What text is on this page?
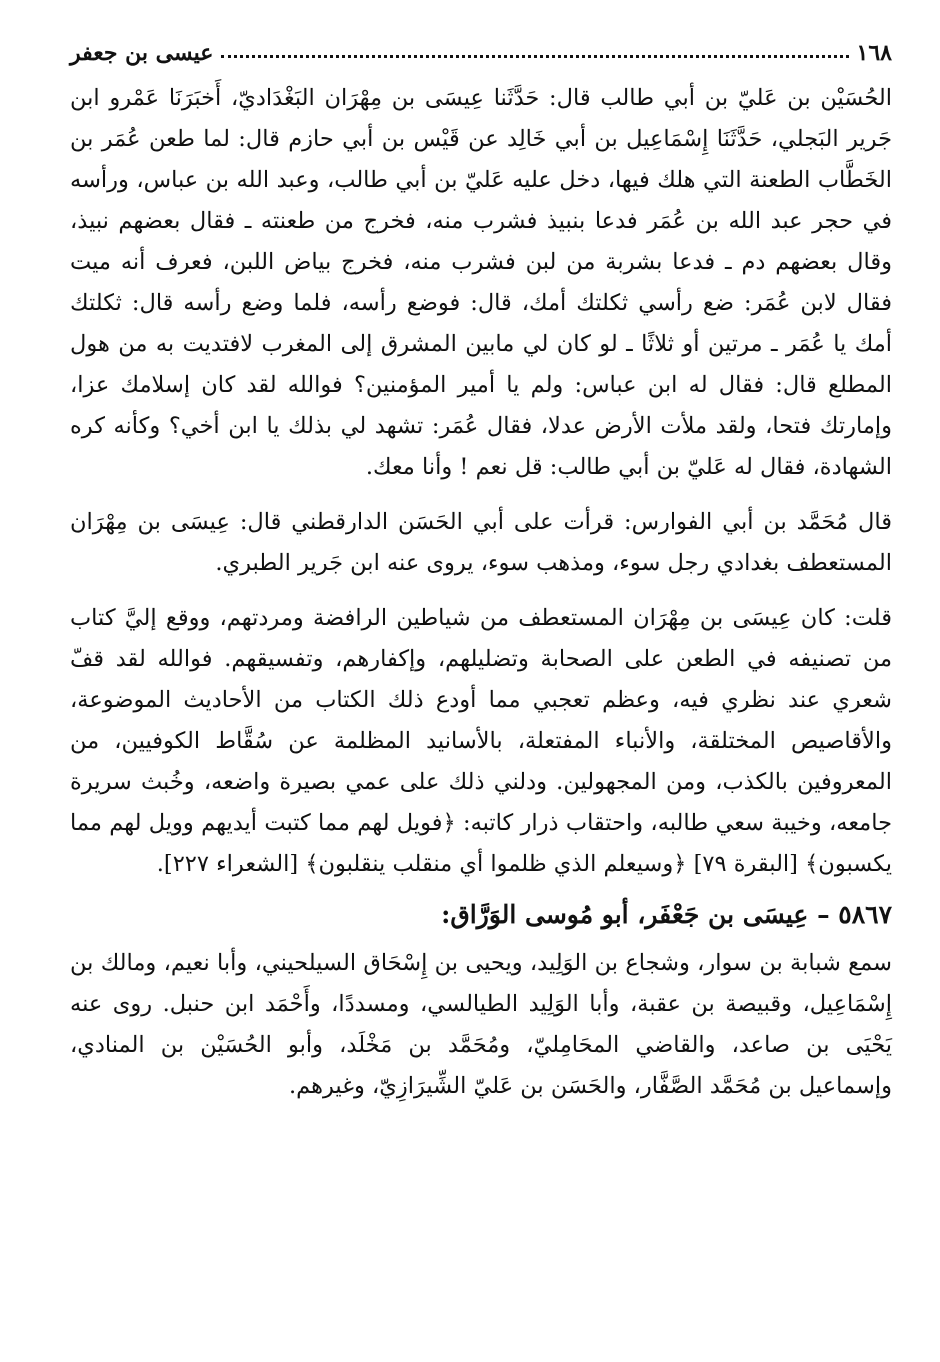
١٦٨
عيسى بن جعفر

الحُسَيْن بن عَليّ بن أبي طالب قال: حَدَّثَنا عِيسَى بن مِهْرَان البَغْدَاديّ، أَخبَرَنَا عَمْرو ابن جَرير البَجلي، حَدَّثَنَا إِسْمَاعِيل بن أبي خَالِد عن قَيْس بن أبي حازم قال: لما طعن عُمَر بن الخَطَّاب الطعنة التي هلك فيها، دخل عليه عَليّ بن أبي طالب، وعبد الله بن عباس، ورأسه في حجر عبد الله بن عُمَر فدعا بنبيذ فشرب منه، فخرج من طعنته ـ فقال بعضهم نبيذ، وقال بعضهم دم ـ فدعا بشربة من لبن فشرب منه، فخرج بياض اللبن، فعرف أنه ميت فقال لابن عُمَر: ضع رأسي ثكلتك أمك، قال: فوضع رأسه، فلما وضع رأسه قال: ثكلتك أمك يا عُمَر ـ مرتين أو ثلاثًا ـ لو كان لي مابين المشرق إلى المغرب لافتديت به من هول المطلع قال: فقال له ابن عباس: ولم يا أمير المؤمنين؟ فوالله لقد كان إسلامك عزا، وإمارتك فتحا، ولقد ملأت الأرض عدلا، فقال عُمَر: تشهد لي بذلك يا ابن أخي؟ وكأنه كره الشهادة، فقال له عَليّ بن أبي طالب: قل نعم ! وأنا معك.

قال مُحَمَّد بن أبي الفوارس: قرأت على أبي الحَسَن الدارقطني قال: عِيسَى بن مِهْرَان المستعطف بغدادي رجل سوء، ومذهب سوء، يروى عنه ابن جَرير الطبري.

قلت: كان عِيسَى بن مِهْرَان المستعطف من شياطين الرافضة ومردتهم، ووقع إليَّ كتاب من تصنيفه في الطعن على الصحابة وتضليلهم، وإكفارهم، وتفسيقهم. فوالله لقد قفّ شعري عند نظري فيه، وعظم تعجبي مما أودع ذلك الكتاب من الأحاديث الموضوعة، والأقاصيص المختلقة، والأنباء المفتعلة، بالأسانيد المظلمة عن سُقَّاط الكوفيين، من المعروفين بالكذب، ومن المجهولين. ودلني ذلك على عمي بصيرة واضعه، وخُبث سريرة جامعه، وخيبة سعي طالبه، واحتقاب ذرار كاتبه: ﴿فويل لهم مما كتبت أيديهم وويل لهم مما يكسبون﴾ [البقرة ٧٩] ﴿وسيعلم الذي ظلموا أي منقلب ينقلبون﴾ [الشعراء ٢٢٧].

٥٨٦٧ – عِيسَى بن جَعْفَر، أبو مُوسى الوَرَّاق:

سمع شبابة بن سوار، وشجاع بن الوَلِيد، ويحيى بن إِسْحَاق السيلحيني، وأبا نعيم، ومالك بن إِسْمَاعِيل، وقبيصة بن عقبة، وأبا الوَلِيد الطيالسي، ومسددًا، وأَحْمَد ابن حنبل. روى عنه يَحْيَى بن صاعد، والقاضي المحَامِليّ، ومُحَمَّد بن مَخْلَد، وأبو الحُسَيْن بن المنادي، وإسماعيل بن مُحَمَّد الصَّفَّار، والحَسَن بن عَليّ الشِّيرَازِيّ، وغيرهم.
